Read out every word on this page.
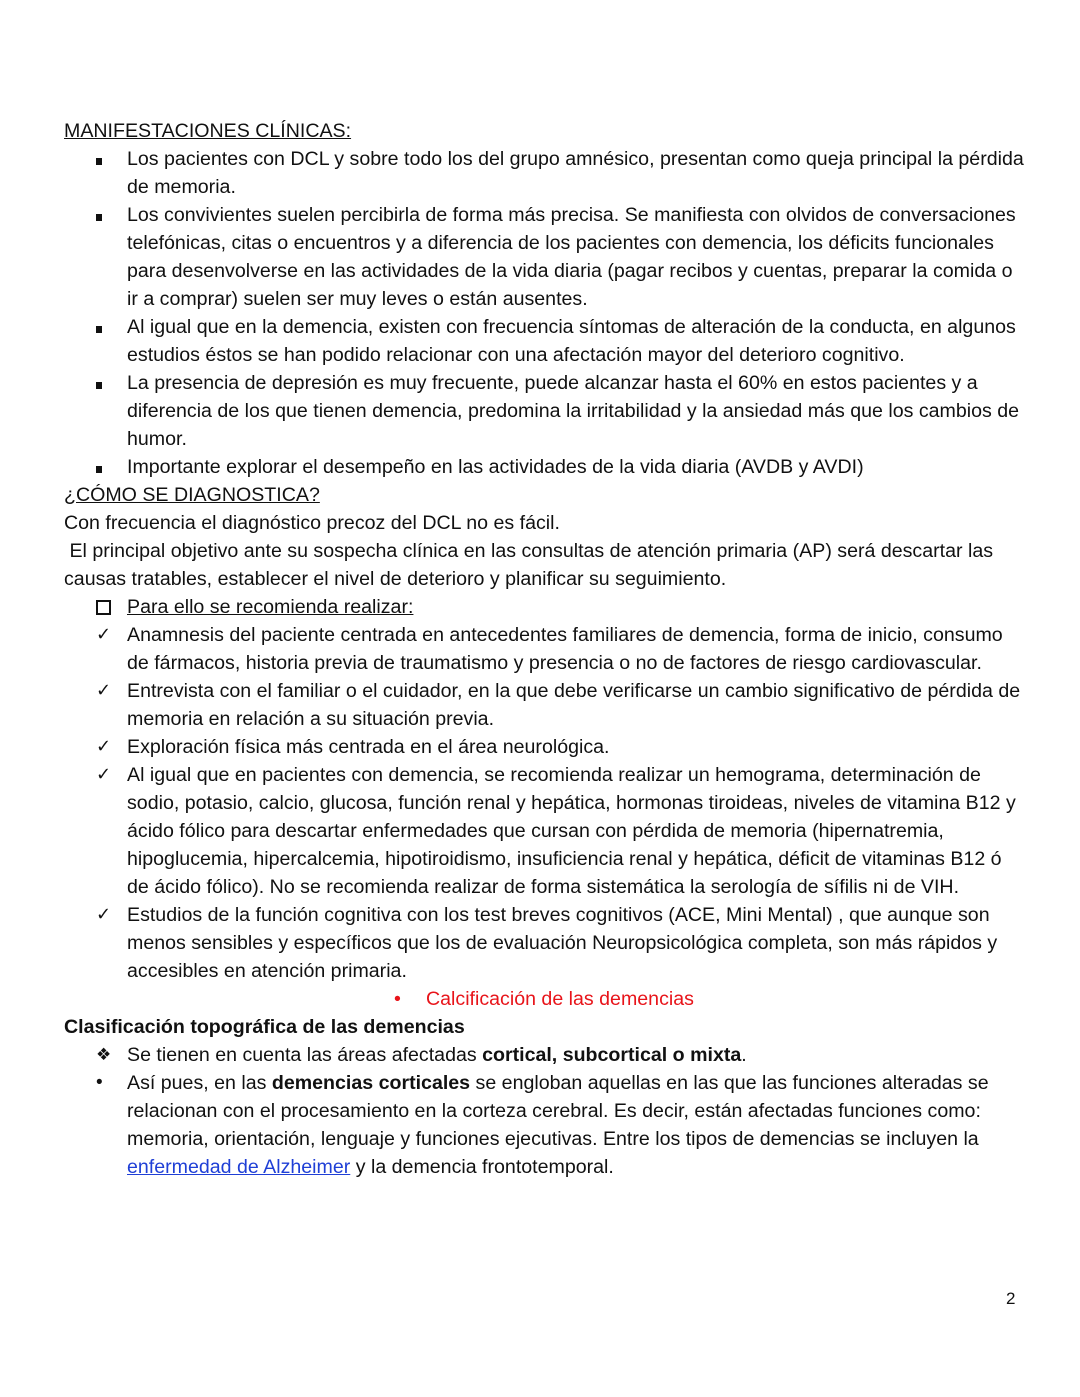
MANIFESTACIONES CLÍNICAS:

Los pacientes con DCL y sobre todo los del grupo amnésico, presentan como queja principal la pérdida de memoria.
Los convivientes suelen percibirla de forma más precisa. Se manifiesta con olvidos de conversaciones telefónicas, citas o encuentros y a diferencia de los pacientes con demencia, los déficits funcionales para desenvolverse en las actividades de la vida diaria (pagar recibos y cuentas, preparar la comida o ir a comprar) suelen ser muy leves o están ausentes.
Al igual que en la demencia, existen con frecuencia síntomas de alteración de la conducta, en algunos estudios éstos se han podido relacionar con una afectación mayor del deterioro cognitivo.
La presencia de depresión es muy frecuente, puede alcanzar hasta el 60% en estos pacientes y a diferencia de los que tienen demencia, predomina la irritabilidad y la ansiedad más que los cambios de humor.
Importante explorar el desempeño en las actividades de la vida diaria (AVDB y AVDI)

¿CÓMO SE DIAGNOSTICA?

Con frecuencia el diagnóstico precoz del DCL no es fácil.

El principal objetivo ante su sospecha clínica en las consultas de atención primaria (AP) será descartar las causas tratables, establecer el nivel de deterioro y planificar su seguimiento.

Para ello se recomienda realizar:
✓ Anamnesis del paciente centrada en antecedentes familiares de demencia, forma de inicio, consumo de fármacos, historia previa de traumatismo y presencia o no de factores de riesgo cardiovascular.
✓ Entrevista con el familiar o el cuidador, en la que debe verificarse un cambio significativo de pérdida de memoria en relación a su situación previa.
✓ Exploración física más centrada en el área neurológica.
✓ Al igual que en pacientes con demencia, se recomienda realizar un hemograma, determinación de sodio, potasio, calcio, glucosa, función renal y hepática, hormonas tiroideas, niveles de vitamina B12 y ácido fólico para descartar enfermedades que cursan con pérdida de memoria (hipernatremia, hipoglucemia, hipercalcemia, hipotiroidismo, insuficiencia renal y hepática, déficit de vitaminas B12 ó de ácido fólico). No se recomienda realizar de forma sistemática la serología de sífilis ni de VIH.
✓ Estudios de la función cognitiva con los test breves cognitivos (ACE, Mini Mental) , que aunque son menos sensibles y específicos que los de evaluación Neuropsicológica completa, son más rápidos y accesibles en atención primaria.

• Calcificación de las demencias

Clasificación topográfica de las demencias

❖ Se tienen en cuenta las áreas afectadas cortical, subcortical o mixta.
•	Así pues, en las demencias corticales se engloban aquellas en las que las funciones alteradas se relacionan con el procesamiento en la corteza cerebral. Es decir, están afectadas funciones como: memoria, orientación, lenguaje y funciones ejecutivas. Entre los tipos de demencias se incluyen la enfermedad de Alzheimer y la demencia frontotemporal.
2
